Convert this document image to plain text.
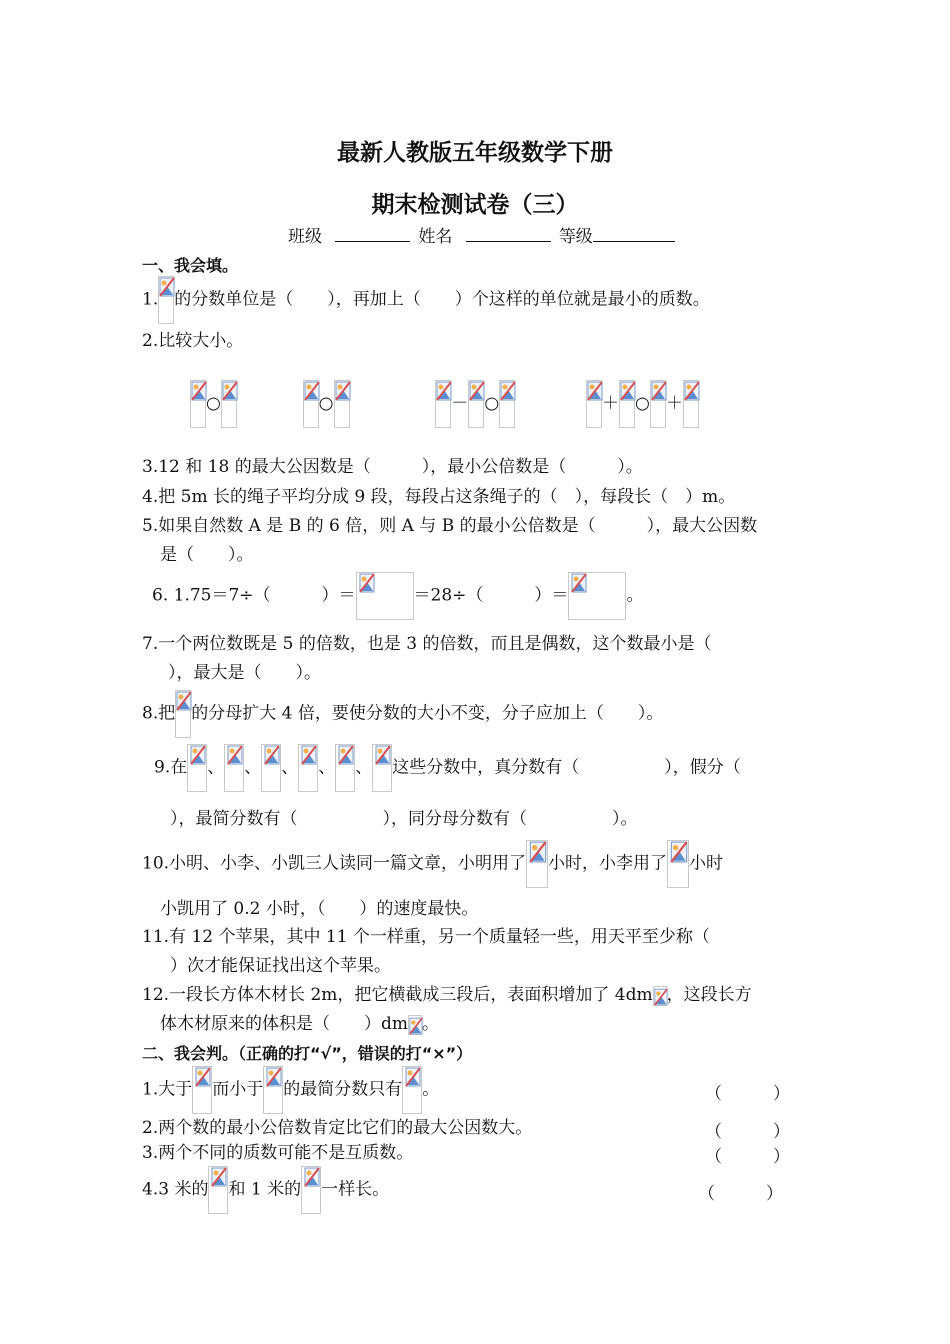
最新人教版五年级数学下册
期末检测试卷（三）
班级	姓名	等级
一、我会填。
1. 的分数单位是（　　），再加上（　　）个这样的单位就是最小的质数。
2.比较大小。
○
	○
	－ ○
	＋ ○ ＋
3.12 和 18 的最大公因数是（　　　），最小公倍数是（　　　）。
4.把 5m 长的绳子平均分成 9 段，每段占这条绳子的（　），每段长（　）m。
5.如果自然数 A 是 B 的 6 倍，则 A 与 B 的最小公倍数是（　　　），最大公因数
是（　　）。
6. 1.75＝7÷（　　　）＝	＝28÷（　　　）＝	。
7.一个两位数既是 5 的倍数，也是 3 的倍数，而且是偶数，这个数最小是（
），最大是（　　）。
8.把 的分母扩大 4 倍，要使分数的大小不变，分子应加上（　　）。
9.在 、 、 、 、 、 这些分数中，真分数有（　　　　　），假分（
），最简分数有（　　　　　），同分母分数有（　　　　　）。
10.小明、小李、小凯三人读同一篇文章，小明用了 小时，小李用了 小时
小凯用了 0.2 小时，（　　）的速度最快。
11.有 12 个苹果，其中 11 个一样重，另一个质量轻一些，用天平至少称（
）次才能保证找出这个苹果。
12.一段长方体木材长 2m，把它横截成三段后，表面积增加了 4dm ，这段长方
体木材原来的体积是（　　）dm 。
二、我会判。（正确的打“√”，错误的打“×”）
1.大于 而小于 的最简分数只有 。	（　　　）
2.两个数的最小公倍数肯定比它们的最大公因数大。	（　　　）
3.两个不同的质数可能不是互质数。	（　　　）
4.3 米的 和 1 米的 一样长。	（　　　）
